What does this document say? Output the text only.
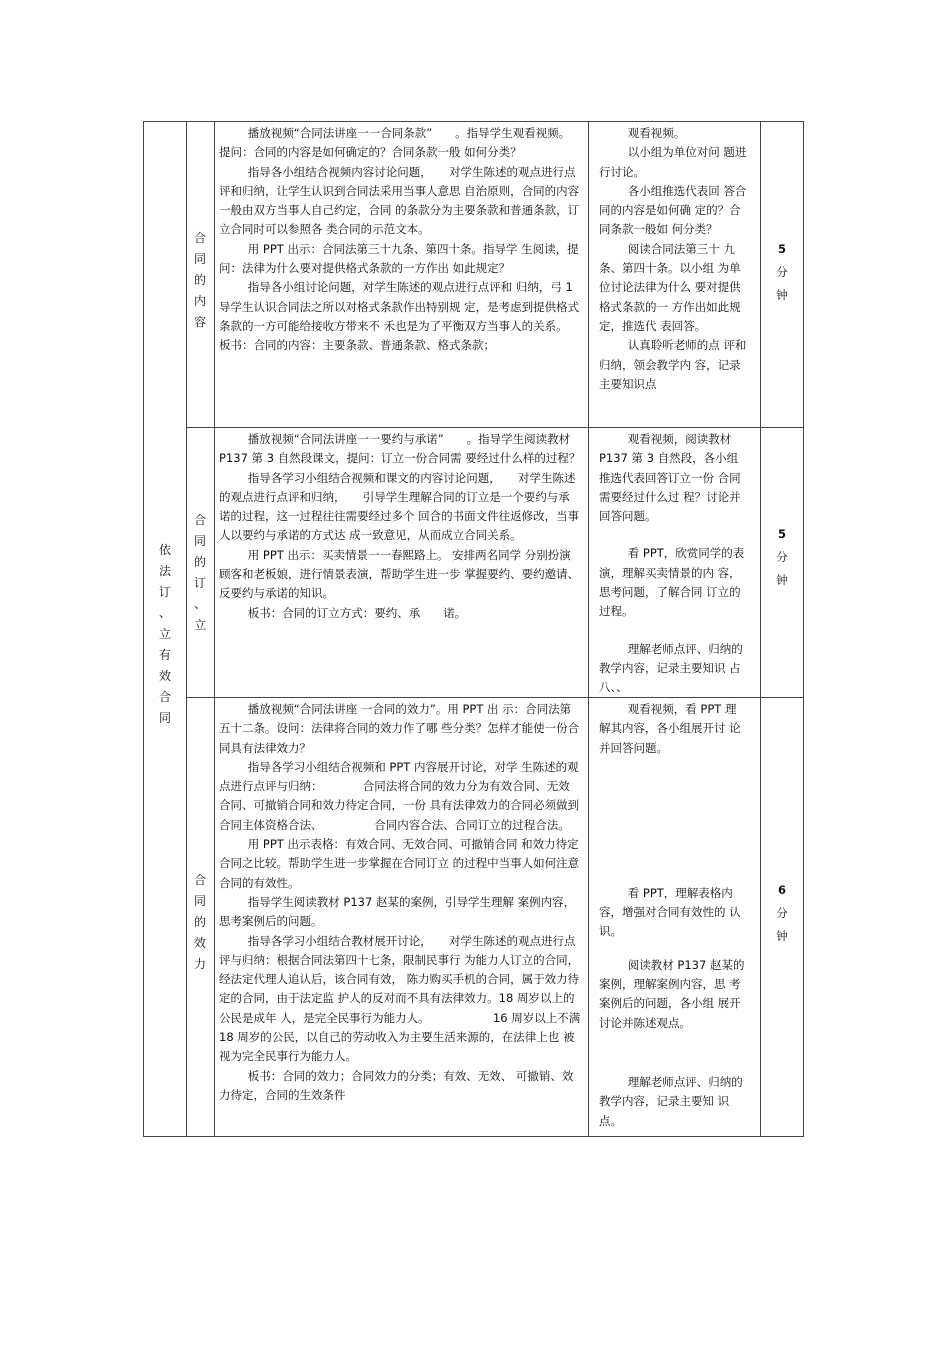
依
法
订
、
立
有
效
合
同
合
同
的
内
容

播放视频“合同法讲座一一合同条款”　　。指导学生观看视频。提问：合同的内容是如何确定的？合同条款一般 如何分类？

指导各小组结合视频内容讨论问题，　　对学生陈述的观点进行点评和归纳，让学生认识到合同法采用当事人意思 自治原则，合同的内容一般由双方当事人自己约定，合同 的条款分为主要条款和普通条款，订立合同时可以参照各 类合同的示范文本。

用 PPT 出示：合同法第三十九条、第四十条。指导学 生阅读，提问：法律为什么要对提供格式条款的一方作出 如此规定？

指导各小组讨论问题，对学生陈述的观点进行点评和 归纳，弓 1 导学生认识合同法之所以对格式条款作出特别规 定，是考虑到提供格式条款的一方可能给接收方带来不 禾也是为了平衡双方当事人的关系。

板书：合同的内容：主要条款、普通条款、格式条款；

观看视频。

以小组为单位对问 题进行讨论。

各小组推选代表回 答合同的内容是如何确 定的？合同条款一般如 何分类？

阅读合同法第三十 九条、第四十条。以小组 为单位讨论法律为什么 要对提供格式条款的一 方作出如此规定，推选代 表回答。

认真聆听老师的点 评和归纳，领会教学内 容，记录主要知识点

5
分
钟
合
同
的
订
、
立

播放视频“合同法讲座一一要约与承诺”　　。指导学生阅读教材 P137 第 3 自然段课文，提问：订立一份合同需 要经过什么样的过程？

指导各学习小组结合视频和课文的内容讨论问题，　　对学生陈述的观点进行点评和归纳，　　引导学生理解合同的订立是一个要约与承诺的过程，这一过程往往需要经过多个 回合的书面文件往返修改，当事人以要约与承诺的方式达 成一致意见，从而成立合同关系。

用 PPT 出示：买卖情景一一春熙路上。 安排两名同学 分别扮演顾客和老板娘，进行情景表演，帮助学生进一步 掌握要约、要约邀请、反要约与承诺的知识。

板书：合同的订立方式：要约、承　　诺。

观看视频，阅读教材 P137 第 3 自然段，各小组 推选代表回答订立一份 合同需要经过什么过 程？讨论并回答问题。

看 PPT，欣赏同学的表 演，理解买卖情景的内 容，思考问题，了解合同 订立的过程。

理解老师点评、归纳的 教学内容，记录主要知识 占八、、

5
分
钟
合
同
的
效
力

播放视频“合同法讲座 一合同的效力”。用 PPT 出 示：合同法第五十二条。设问：法律将合同的效力作了哪 些分类？怎样才能使一份合同具有法律效力？

指导各学习小组结合视频和 PPT 内容展开讨论，对学 生陈述的观点进行点评与归纳：　　　　合同法将合同的效力分为有效合同、无效合同、可撤销合同和效力待定合同，一份 具有法律效力的合同必须做到合同主体资格合法、　　　　　合同内容合法、合同订立的过程合法。

用 PPT 出示表格：有效合同、无效合同、可撤销合同 和效力待定合同之比较。帮助学生进一步掌握在合同订立 的过程中当事人如何注意合同的有效性。

指导学生阅读教材 P137 赵某的案例，引导学生理解 案例内容，思考案例后的问题。

指导各学习小组结合教材展开讨论，　　对学生陈述的观点进行点评与归纳：根据合同法第四十七条，限制民事行 为能力人订立的合同，经法定代理人追认后，该合同有效， 陈力购买手机的合同，属于效力待定的合同，由于法定监 护人的反对而不具有法律效力。18 周岁以上的公民是成年 人，是完全民事行为能力人。　　　　　　16 周岁以上不满 18 周岁的公民，以自己的劳动收入为主要生活来源的，在法律上也 被视为完全民事行为能力人。

板书：合同的效力；合同效力的分类；有效、无效、 可撤销、效力待定，合同的生效条件

观看视频，看 PPT 理 解其内容，各小组展开讨 论并回答问题。

看 PPT，理解表格内 容，增强对合同有效性的 认识。

阅读教材 P137 赵某的 案例，理解案例内容，思 考案例后的问题，各小组 展开讨论并陈述观点。

理解老师点评、归纳的教学内容，记录主要知 识点。

6
分
钟
